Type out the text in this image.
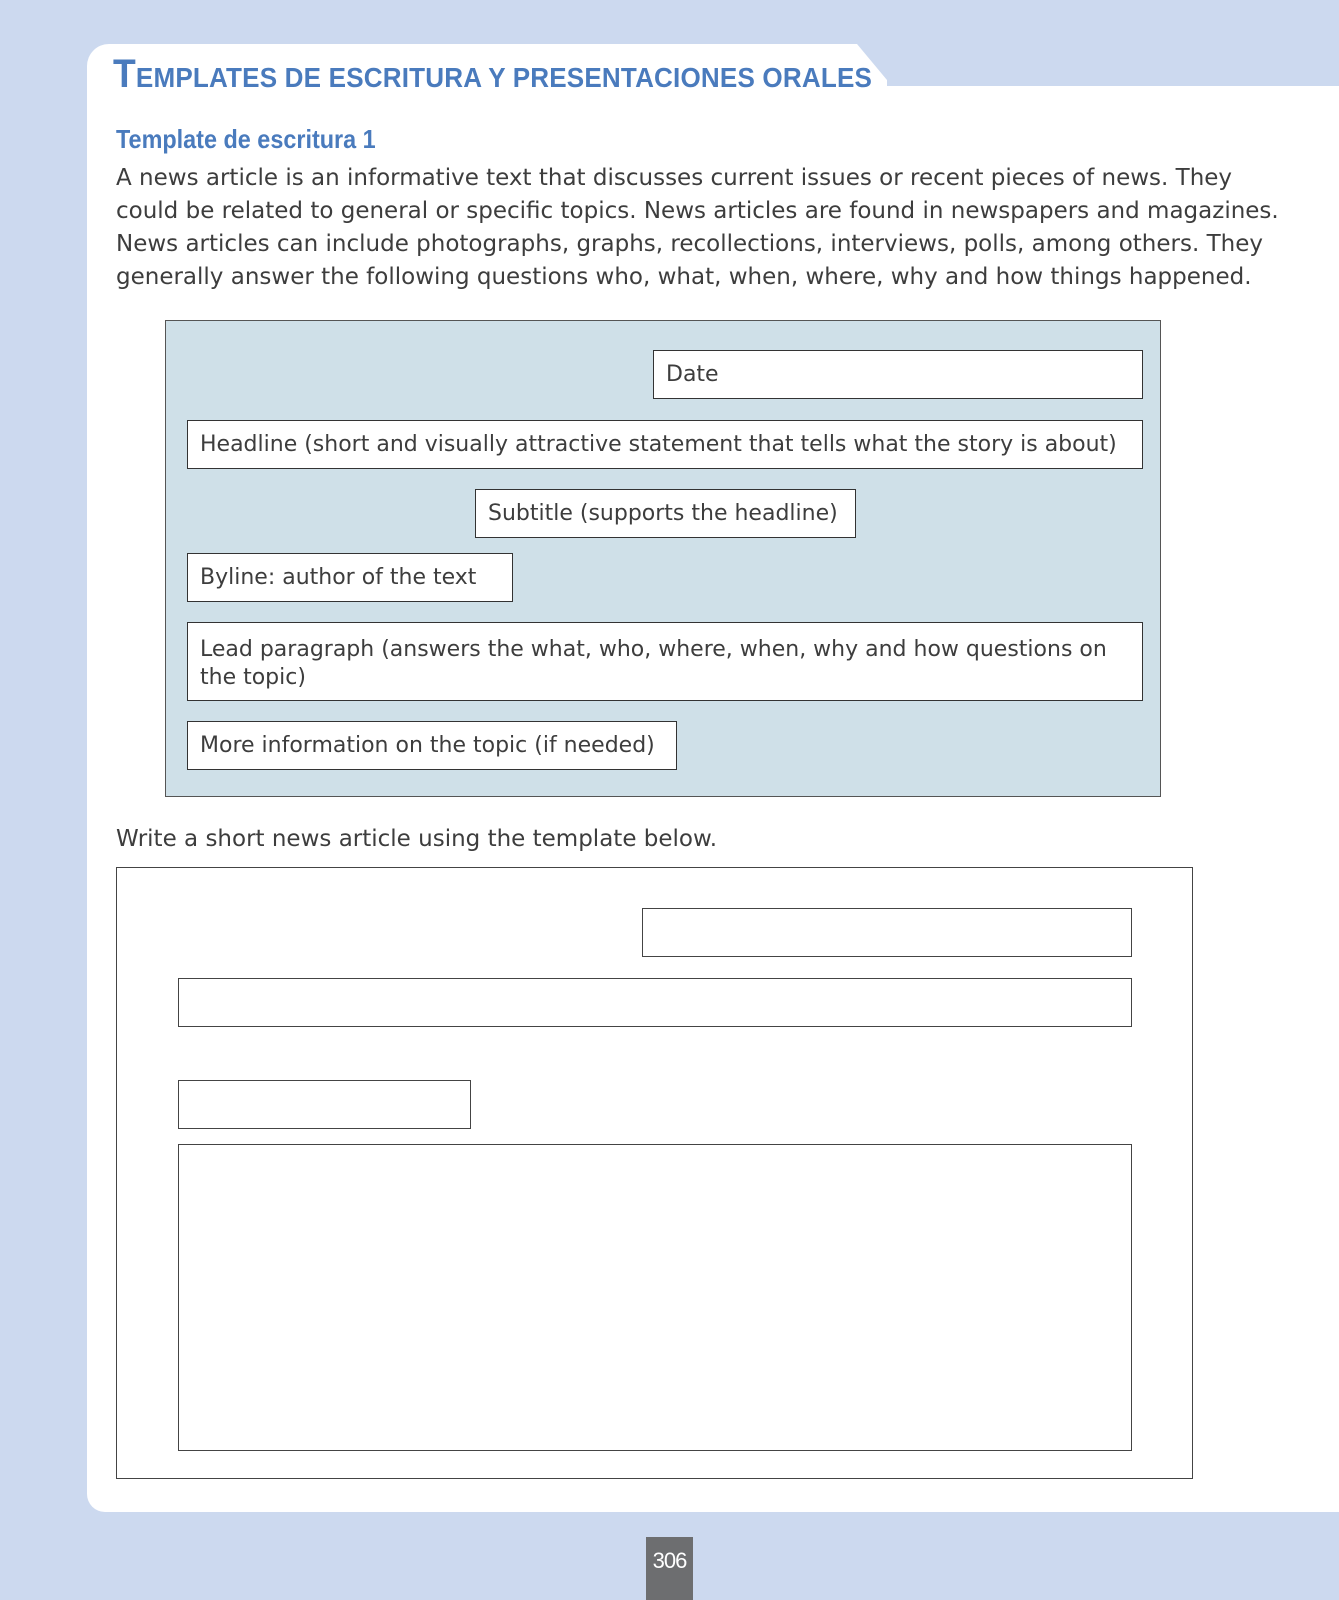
TEMPLATES DE ESCRITURA Y PRESENTACIONES ORALES
Template de escritura 1
A news article is an informative text that discusses current issues or recent pieces of news. They
could be related to general or specific topics. News articles are found in newspapers and magazines.
News articles can include photographs, graphs, recollections, interviews, polls, among others. They
generally answer the following questions who, what, when, where, why and how things happened.
Date
Headline (short and visually attractive statement that tells what the story is about)
Subtitle (supports the headline)
Byline: author of the text
Lead paragraph (answers the what, who, where, when, why and how questions on the topic)
More information on the topic (if needed)
Write a short news article using the template below.
306
